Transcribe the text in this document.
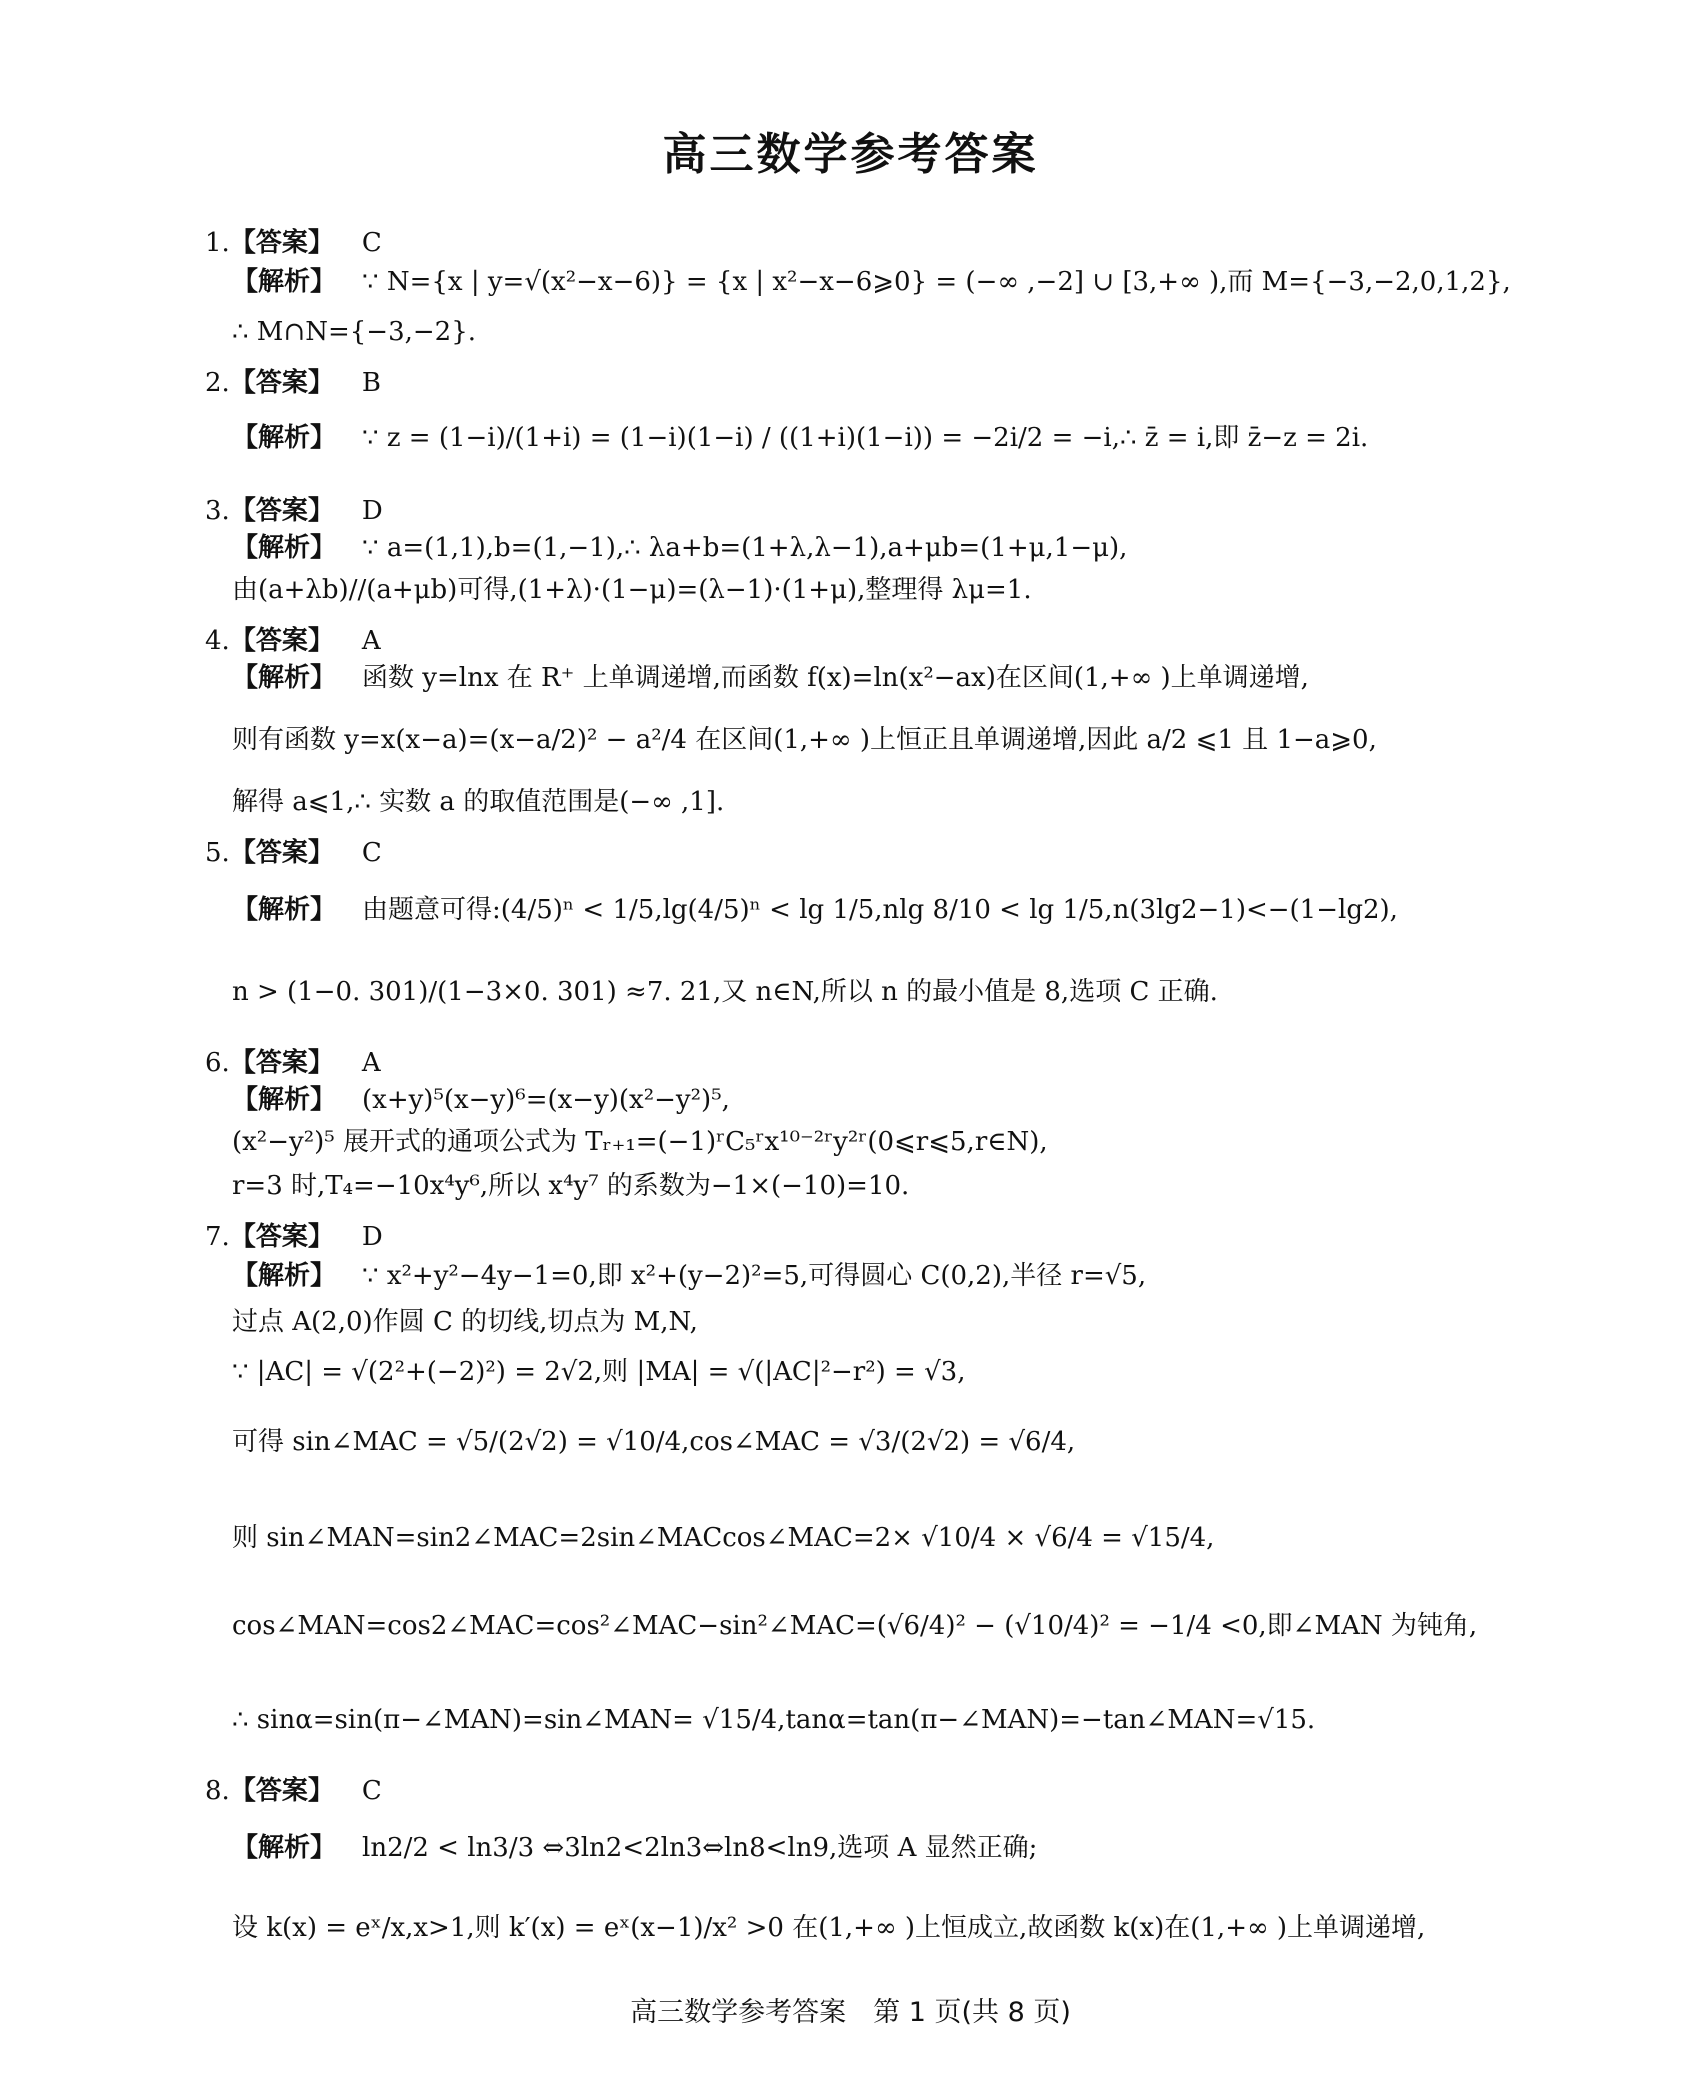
高三数学参考答案
1.【答案】 C
【解析】 ∵ N={x | y=√(x²−x−6)} = {x | x²−x−6⩾0} = (−∞ ,−2] ∪ [3,+∞ ),而 M={−3,−2,0,1,2},
∴ M∩N={−3,−2}.
2.【答案】 B
【解析】 ∵ z = (1−i)/(1+i) = (1−i)(1−i) / ((1+i)(1−i)) = −2i/2 = −i,∴ z̄ = i,即 z̄−z = 2i.
3.【答案】 D
【解析】 ∵ a=(1,1),b=(1,−1),∴ λa+b=(1+λ,λ−1),a+μb=(1+μ,1−μ),
由(a+λb)//(a+μb)可得,(1+λ)·(1−μ)=(λ−1)·(1+μ),整理得 λμ=1.
4.【答案】 A
【解析】 函数 y=lnx 在 R⁺ 上单调递增,而函数 f(x)=ln(x²−ax)在区间(1,+∞ )上单调递增,
则有函数 y=x(x−a)=(x−a/2)² − a²/4 在区间(1,+∞ )上恒正且单调递增,因此 a/2 ⩽1 且 1−a⩾0,
解得 a⩽1,∴ 实数 a 的取值范围是(−∞ ,1].
5.【答案】 C
【解析】 由题意可得:(4/5)ⁿ < 1/5,lg(4/5)ⁿ < lg 1/5,nlg 8/10 < lg 1/5,n(3lg2−1)<−(1−lg2),
n > (1−0. 301)/(1−3×0. 301) ≈7. 21,又 n∈N,所以 n 的最小值是 8,选项 C 正确.
6.【答案】 A
【解析】 (x+y)⁵(x−y)⁶=(x−y)(x²−y²)⁵,
(x²−y²)⁵ 展开式的通项公式为 Tᵣ₊₁=(−1)ʳC₅ʳx¹⁰⁻²ʳy²ʳ(0⩽r⩽5,r∈N),
r=3 时,T₄=−10x⁴y⁶,所以 x⁴y⁷ 的系数为−1×(−10)=10.
7.【答案】 D
【解析】 ∵ x²+y²−4y−1=0,即 x²+(y−2)²=5,可得圆心 C(0,2),半径 r=√5,
过点 A(2,0)作圆 C 的切线,切点为 M,N,
∵ |AC| = √(2²+(−2)²) = 2√2,则 |MA| = √(|AC|²−r²) = √3,
可得 sin∠MAC = √5/(2√2) = √10/4,cos∠MAC = √3/(2√2) = √6/4,
则 sin∠MAN=sin2∠MAC=2sin∠MACcos∠MAC=2× √10/4 × √6/4 = √15/4,
cos∠MAN=cos2∠MAC=cos²∠MAC−sin²∠MAC=(√6/4)² − (√10/4)² = −1/4 <0,即∠MAN 为钝角,
∴ sinα=sin(π−∠MAN)=sin∠MAN= √15/4,tanα=tan(π−∠MAN)=−tan∠MAN=√15.
8.【答案】 C
【解析】 ln2/2 < ln3/3 ⇔3ln2<2ln3⇔ln8<ln9,选项 A 显然正确;
设 k(x) = eˣ/x,x>1,则 k′(x) = eˣ(x−1)/x² >0 在(1,+∞ )上恒成立,故函数 k(x)在(1,+∞ )上单调递增,
高三数学参考答案　第 1 页(共 8 页)
